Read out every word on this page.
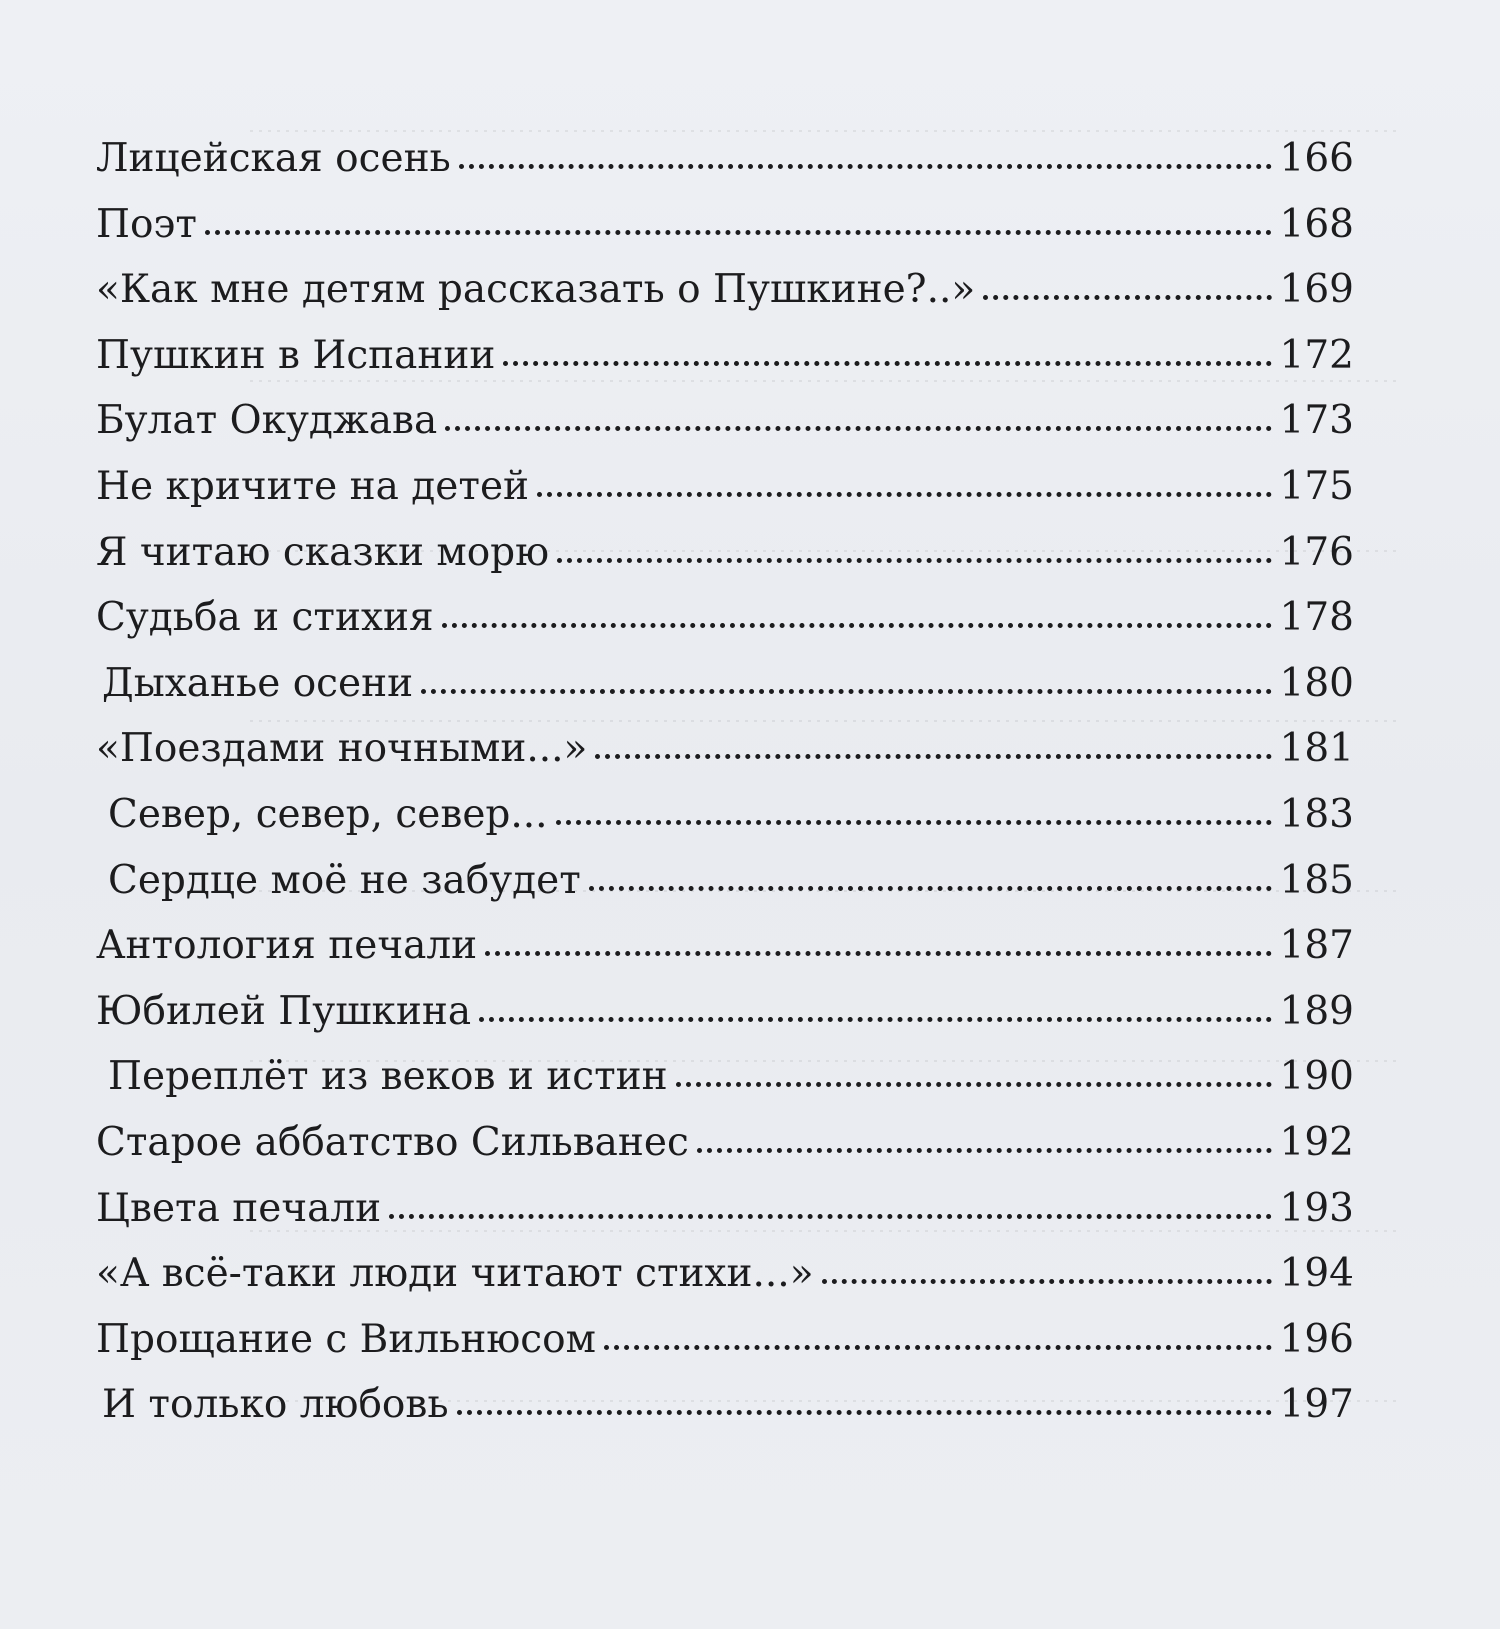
Лицейская осень	166
Поэт	168
«Как мне детям рассказать о Пушкине?..»	169
Пушкин в Испании	172
Булат Окуджава	173
Не кричите на детей	175
Я читаю сказки морю	176
Судьба и стихия	178
Дыханье осени	180
«Поездами ночными...»	181
Север, север, север...	183
Сердце моё не забудет	185
Антология печали	187
Юбилей Пушкина	189
Переплёт из веков и истин	190
Старое аббатство Сильванес	192
Цвета печали	193
«А всё-таки люди читают стихи...»	194
Прощание с Вильнюсом	196
И только любовь	197
